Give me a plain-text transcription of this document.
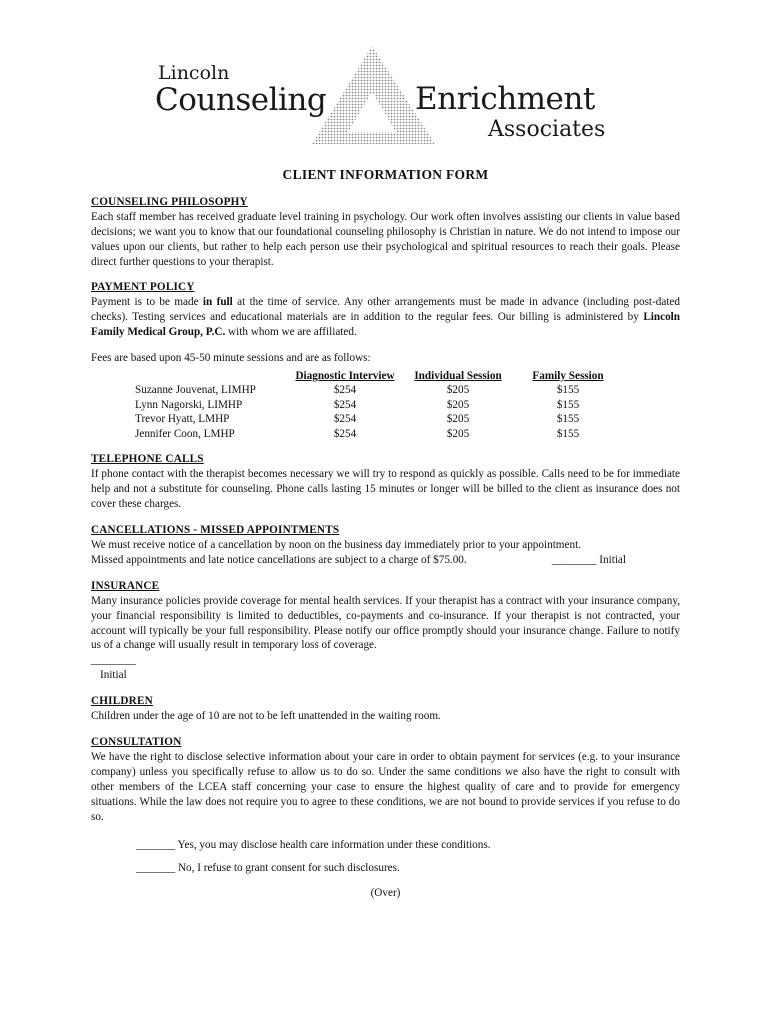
Lincoln
Counseling	Enrichment
Associates
CLIENT INFORMATION FORM
COUNSELING PHILOSOPHY

Each staff member has received graduate level training in psychology. Our work often involves assisting our clients in value based decisions; we want you to know that our foundational counseling philosophy is Christian in nature. We do not intend to impose our values upon our clients, but rather to help each person use their psychological and spiritual resources to reach their goals. Please direct further questions to your therapist.

PAYMENT POLICY

Payment is to be made in full at the time of service. Any other arrangements must be made in advance (including post-dated checks). Testing services and educational materials are in addition to the regular fees. Our billing is administered by Lincoln Family Medical Group, P.C. with whom we are affiliated.

Fees are based upon 45-50 minute sessions and are as follows:

	Diagnostic Interview	Individual Session	Family Session
Suzanne Jouvenat, LIMHP	$254	$205	$155
Lynn Nagorski, LIMHP	$254	$205	$155
Trevor Hyatt, LMHP	$254	$205	$155
Jennifer Coon, LMHP	$254	$205	$155
TELEPHONE CALLS

If phone contact with the therapist becomes necessary we will try to respond as quickly as possible. Calls need to be for immediate help and not a substitute for counseling. Phone calls lasting 15 minutes or longer will be billed to the client as insurance does not cover these charges.

CANCELLATIONS - MISSED APPOINTMENTS

We must receive notice of a cancellation by noon on the business day immediately prior to your appointment.

Missed appointments and late notice cancellations are subject to a charge of $75.00.	________ Initial
INSURANCE

Many insurance policies provide coverage for mental health services. If your therapist has a contract with your insurance company, your financial responsibility is limited to deductibles, co-payments and co-insurance. If your therapist is not contracted, your account will typically be your full responsibility. Please notify our office promptly should your insurance change. Failure to notify us of a change will usually result in temporary loss of coverage.

________

Initial

CHILDREN

Children under the age of 10 are not to be left unattended in the waiting room.

CONSULTATION

We have the right to disclose selective information about your care in order to obtain payment for services (e.g. to your insurance company) unless you specifically refuse to allow us to do so. Under the same conditions we also have the right to consult with other members of the LCEA staff concerning your case to ensure the highest quality of care and to provide for emergency situations. While the law does not require you to agree to these conditions, we are not bound to provide services if you refuse to do so.

_______ Yes, you may disclose health care information under these conditions.

_______ No, I refuse to grant consent for such disclosures.

(Over)
